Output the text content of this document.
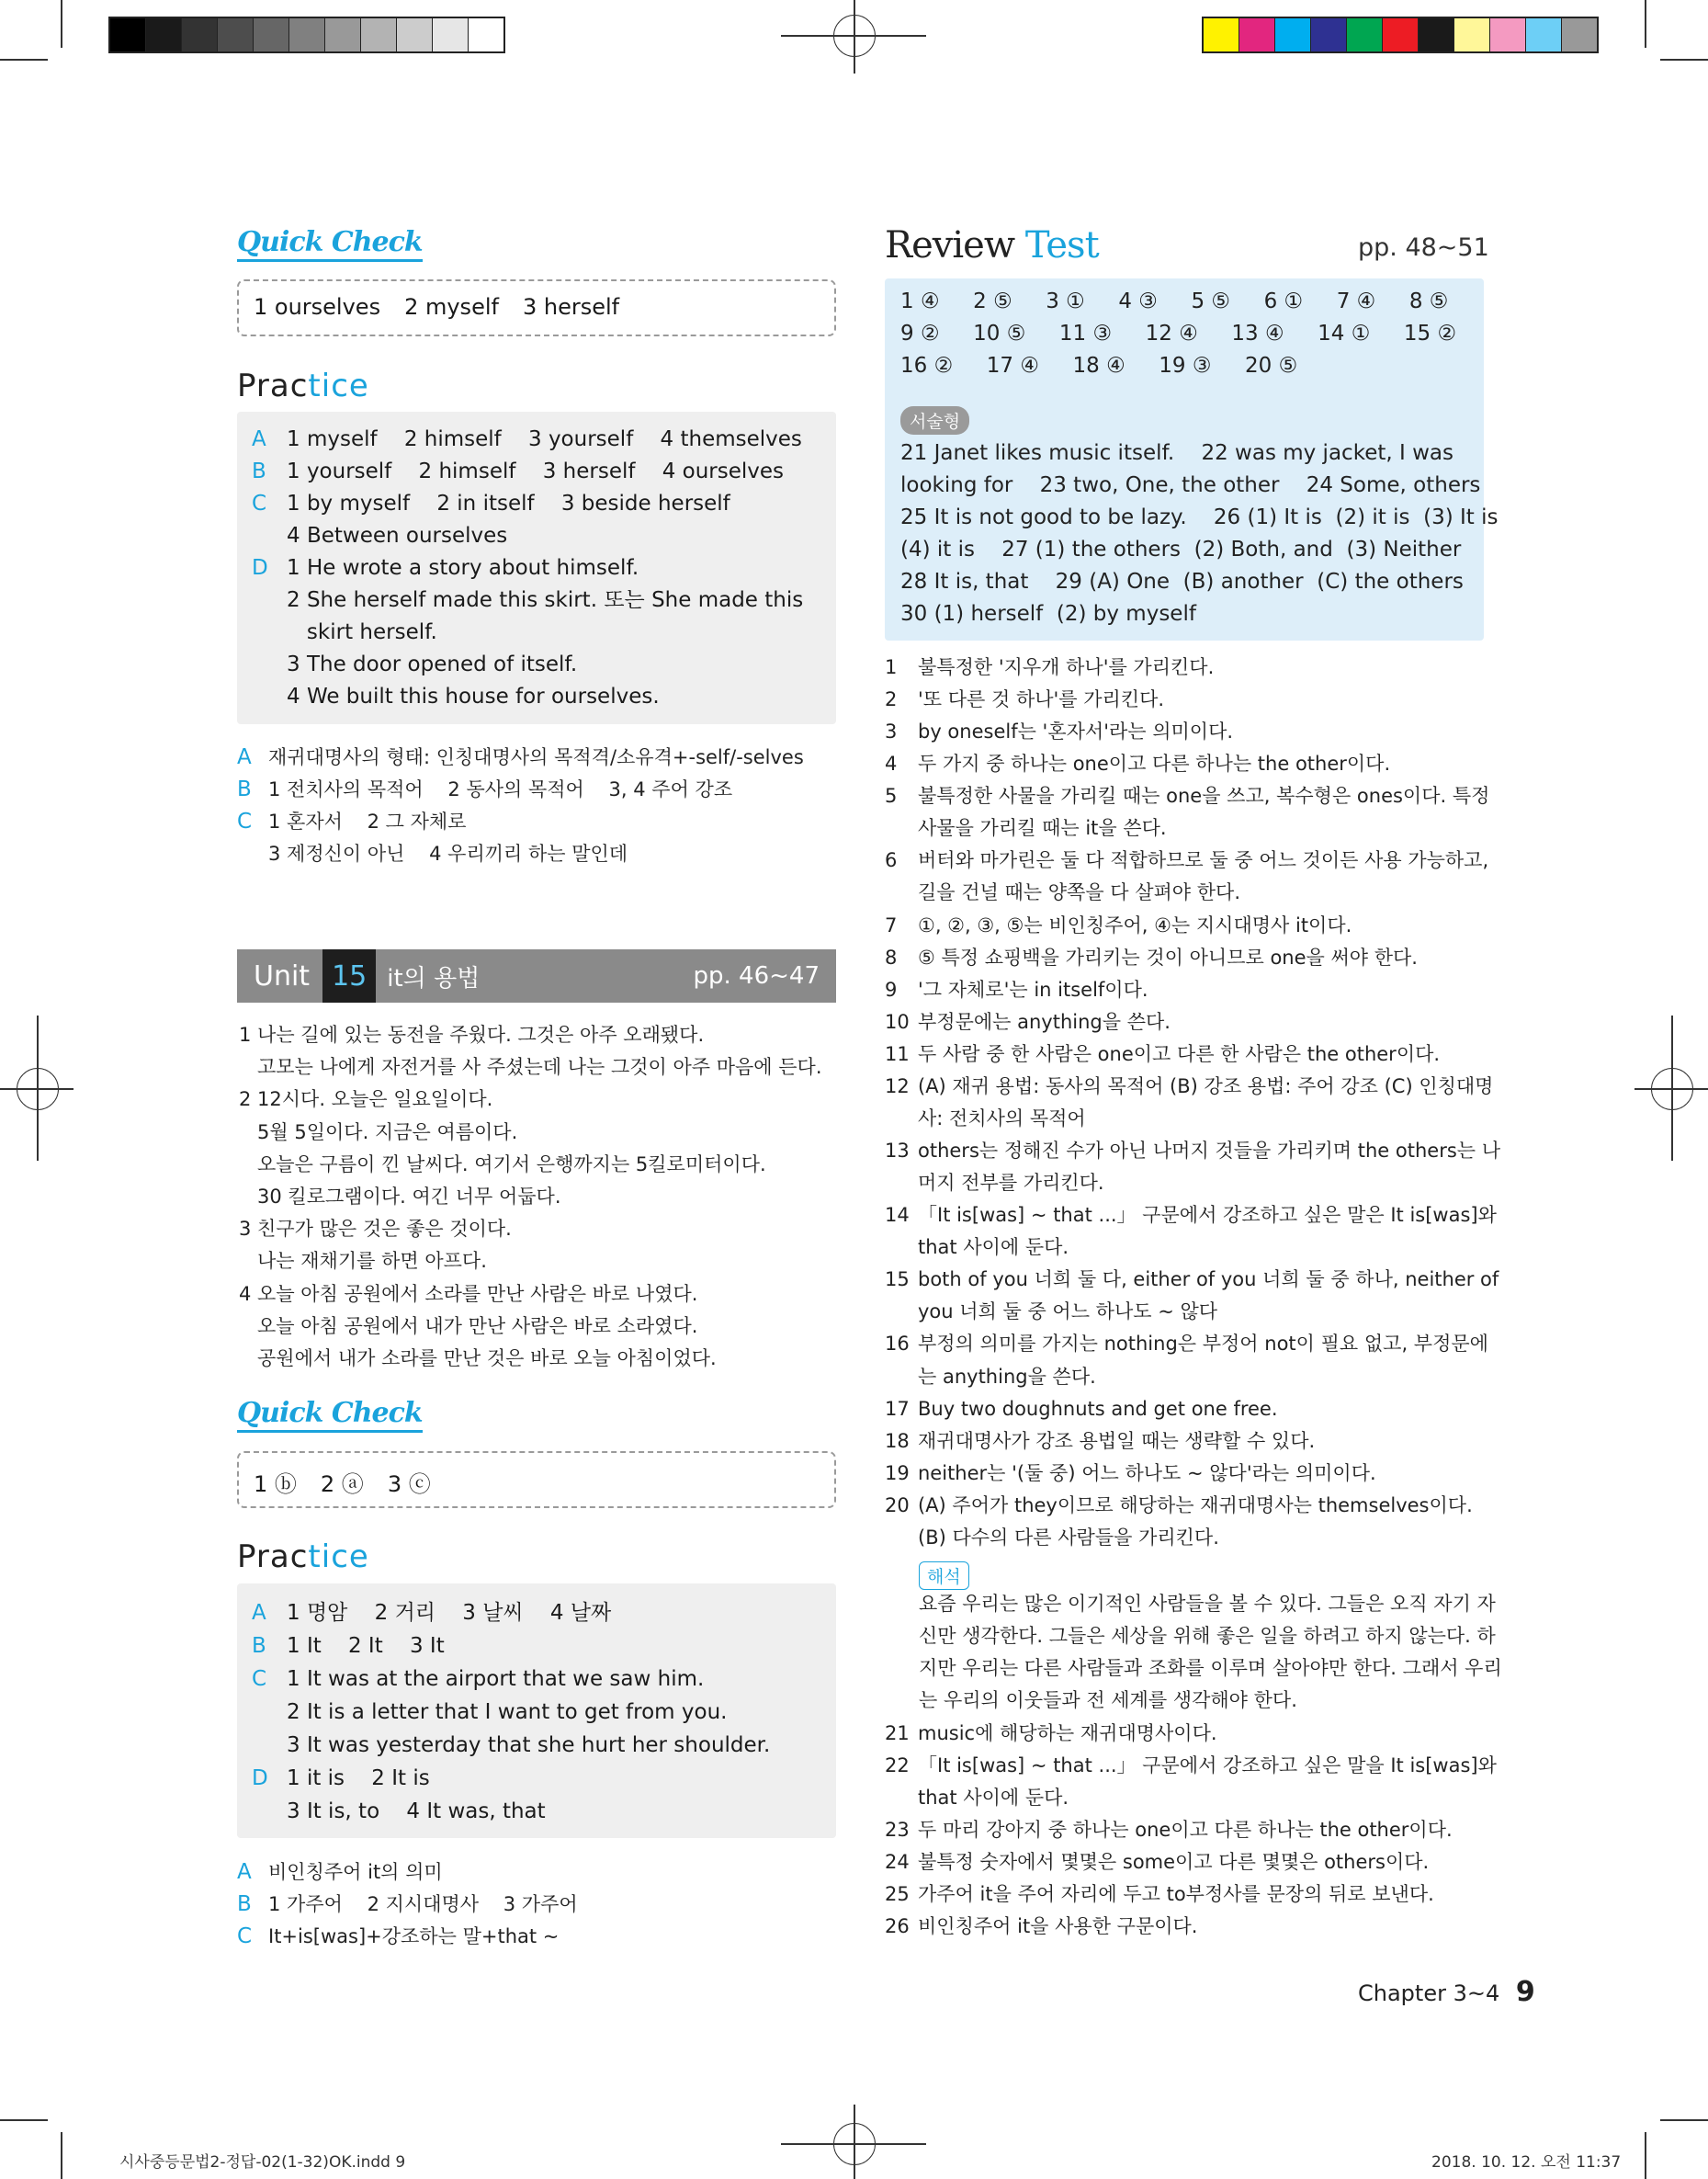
Quick Check
1 ourselves 2 myself 3 herself
Practice
A 1 myself    2 himself    3 yourself    4 themselves
B 1 yourself    2 himself    3 herself    4 ourselves
C 1 by myself    2 in itself    3 beside herself
4 Between ourselves
D 1 He wrote a story about himself.
2 She herself made this skirt. 또는 She made this
skirt herself.
3 The door opened of itself.
4 We built this house for ourselves.
A 재귀대명사의 형태: 인칭대명사의 목적격/소유격+-self/-selves
B 1 전치사의 목적어    2 동사의 목적어    3, 4 주어 강조
C 1 혼자서    2 그 자체로
3 제정신이 아닌    4 우리끼리 하는 말인데
Unit 15 it의 용법	pp. 46~47
1 나는 길에 있는 동전을 주웠다. 그것은 아주 오래됐다.
고모는 나에게 자전거를 사 주셨는데 나는 그것이 아주 마음에 든다.
2 12시다. 오늘은 일요일이다.
5월 5일이다. 지금은 여름이다.
오늘은 구름이 낀 날씨다. 여기서 은행까지는 5킬로미터이다.
30 킬로그램이다. 여긴 너무 어둡다.
3 친구가 많은 것은 좋은 것이다.
나는 재채기를 하면 아프다.
4 오늘 아침 공원에서 소라를 만난 사람은 바로 나였다.
오늘 아침 공원에서 내가 만난 사람은 바로 소라였다.
공원에서 내가 소라를 만난 것은 바로 오늘 아침이었다.
Quick Check
1 ⓑ 2 ⓐ 3 ⓒ
Practice
A 1 명암    2 거리    3 날씨    4 날짜
B 1 It    2 It    3 It
C 1 It was at the airport that we saw him.
2 It is a letter that I want to get from you.
3 It was yesterday that she hurt her shoulder.
D 1 it is    2 It is
3 It is, to    4 It was, that
A 비인칭주어 it의 의미
B 1 가주어    2 지시대명사    3 가주어
C It+is[was]+강조하는 말+that ~
Review Test	pp. 48~51
1 ④     2 ⑤     3 ①     4 ③     5 ⑤     6 ①     7 ④     8 ⑤
9 ②     10 ⑤     11 ③     12 ④     13 ④     14 ①     15 ②
16 ②     17 ④     18 ④     19 ③     20 ⑤
서술형
21 Janet likes music itself.    22 was my jacket, I was
looking for    23 two, One, the other    24 Some, others
25 It is not good to be lazy.    26 (1) It is  (2) it is  (3) It is
(4) it is    27 (1) the others  (2) Both, and  (3) Neither
28 It is, that    29 (A) One  (B) another  (C) the others
30 (1) herself  (2) by myself
1 불특정한 '지우개 하나'를 가리킨다.
2 '또 다른 것 하나'를 가리킨다.
3 by oneself는 '혼자서'라는 의미이다.
4 두 가지 중 하나는 one이고 다른 하나는 the other이다.
5 불특정한 사물을 가리킬 때는 one을 쓰고, 복수형은 ones이다. 특정
사물을 가리킬 때는 it을 쓴다.
6 버터와 마가린은 둘 다 적합하므로 둘 중 어느 것이든 사용 가능하고,
길을 건널 때는 양쪽을 다 살펴야 한다.
7 ①, ②, ③, ⑤는 비인칭주어, ④는 지시대명사 it이다.
8 ⑤ 특정 쇼핑백을 가리키는 것이 아니므로 one을 써야 한다.
9 '그 자체로'는 in itself이다.
10 부정문에는 anything을 쓴다.
11 두 사람 중 한 사람은 one이고 다른 한 사람은 the other이다.
12 (A) 재귀 용법: 동사의 목적어 (B) 강조 용법: 주어 강조 (C) 인칭대명
사: 전치사의 목적어
13 others는 정해진 수가 아닌 나머지 것들을 가리키며 the others는 나
머지 전부를 가리킨다.
14 「It is[was] ~ that ...」 구문에서 강조하고 싶은 말은 It is[was]와
that 사이에 둔다.
15 both of you 너희 둘 다, either of you 너희 둘 중 하나, neither of
you 너희 둘 중 어느 하나도 ~ 않다
16 부정의 의미를 가지는 nothing은 부정어 not이 필요 없고, 부정문에
는 anything을 쓴다.
17 Buy two doughnuts and get one free.
18 재귀대명사가 강조 용법일 때는 생략할 수 있다.
19 neither는 '(둘 중) 어느 하나도 ~ 않다'라는 의미이다.
20 (A) 주어가 they이므로 해당하는 재귀대명사는 themselves이다.
(B) 다수의 다른 사람들을 가리킨다.
해석
요즘 우리는 많은 이기적인 사람들을 볼 수 있다. 그들은 오직 자기 자
신만 생각한다. 그들은 세상을 위해 좋은 일을 하려고 하지 않는다. 하
지만 우리는 다른 사람들과 조화를 이루며 살아야만 한다. 그래서 우리
는 우리의 이웃들과 전 세계를 생각해야 한다.
21 music에 해당하는 재귀대명사이다.
22 「It is[was] ~ that ...」 구문에서 강조하고 싶은 말을 It is[was]와
that 사이에 둔다.
23 두 마리 강아지 중 하나는 one이고 다른 하나는 the other이다.
24 불특정 숫자에서 몇몇은 some이고 다른 몇몇은 others이다.
25 가주어 it을 주어 자리에 두고 to부정사를 문장의 뒤로 보낸다.
26 비인칭주어 it을 사용한 구문이다.
Chapter 3~4 9
시사중등문법2-정답-02(1-32)OK.indd 9	2018. 10. 12. 오전 11:37
